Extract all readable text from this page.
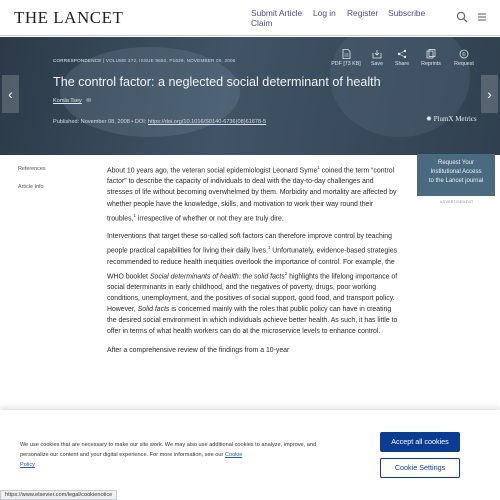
THE LANCET	Submit Article
Claim
Log in Register Subscribe
‹	›
CORRESPONDENCE | VOLUME 372, ISSUE 9650, P1629, NOVEMBER 08, 2008
The control factor: a neglected social determinant of health
Komla Tsey ✉
Published: November 08, 2008 • DOI: https://doi.org/10.1016/S0140-6736(08)61678-5
PDF [73 KB]	Save	Share	Reprints
©
Request
✹ PlumX Metrics
References
Article Info
Request Your
Institutional Access
to the Lancet journal
ADVERTISEMENT

About 10 years ago, the veteran social epidemiologist Leonard Syme$^1$ coined the term “control factor” to describe the capacity of individuals to deal with the day-to-day challenges and stresses of life without becoming overwhelmed by them. Morbidity and mortality are affected by whether people have the knowledge, skills, and motivation to work their way round their troubles,$^1$ irrespective of whether or not they are truly dire.

Interventions that target these so-called soft factors can therefore improve control by teaching people practical capabilities for living their daily lives.$^1$ Unfortunately, evidence-based strategies recommended to reduce health inequities overlook the importance of control. For example, the WHO booklet Social determinants of health: the solid facts$^2$ highlights the lifelong importance of social determinants in early childhood, and the negatives of poverty, drugs, poor working conditions, unemployment, and the positives of social support, good food, and transport policy. However, Solid facts is concerned mainly with the roles that public policy can have in creating the desired social environment in which individuals achieve better health. As such, it has little to offer in terms of what health workers can do at the microservice levels to enhance control.

After a comprehensive review of the findings from a 10-year

We use cookies that are necessary to make our site work. We may also use additional cookies to analyze, improve, and personalize our content and your digital experience. For more information, see our Cookie
Policy
Accept all cookies
Cookie Settings
https://www.elsevier.com/legal/cookienotice
